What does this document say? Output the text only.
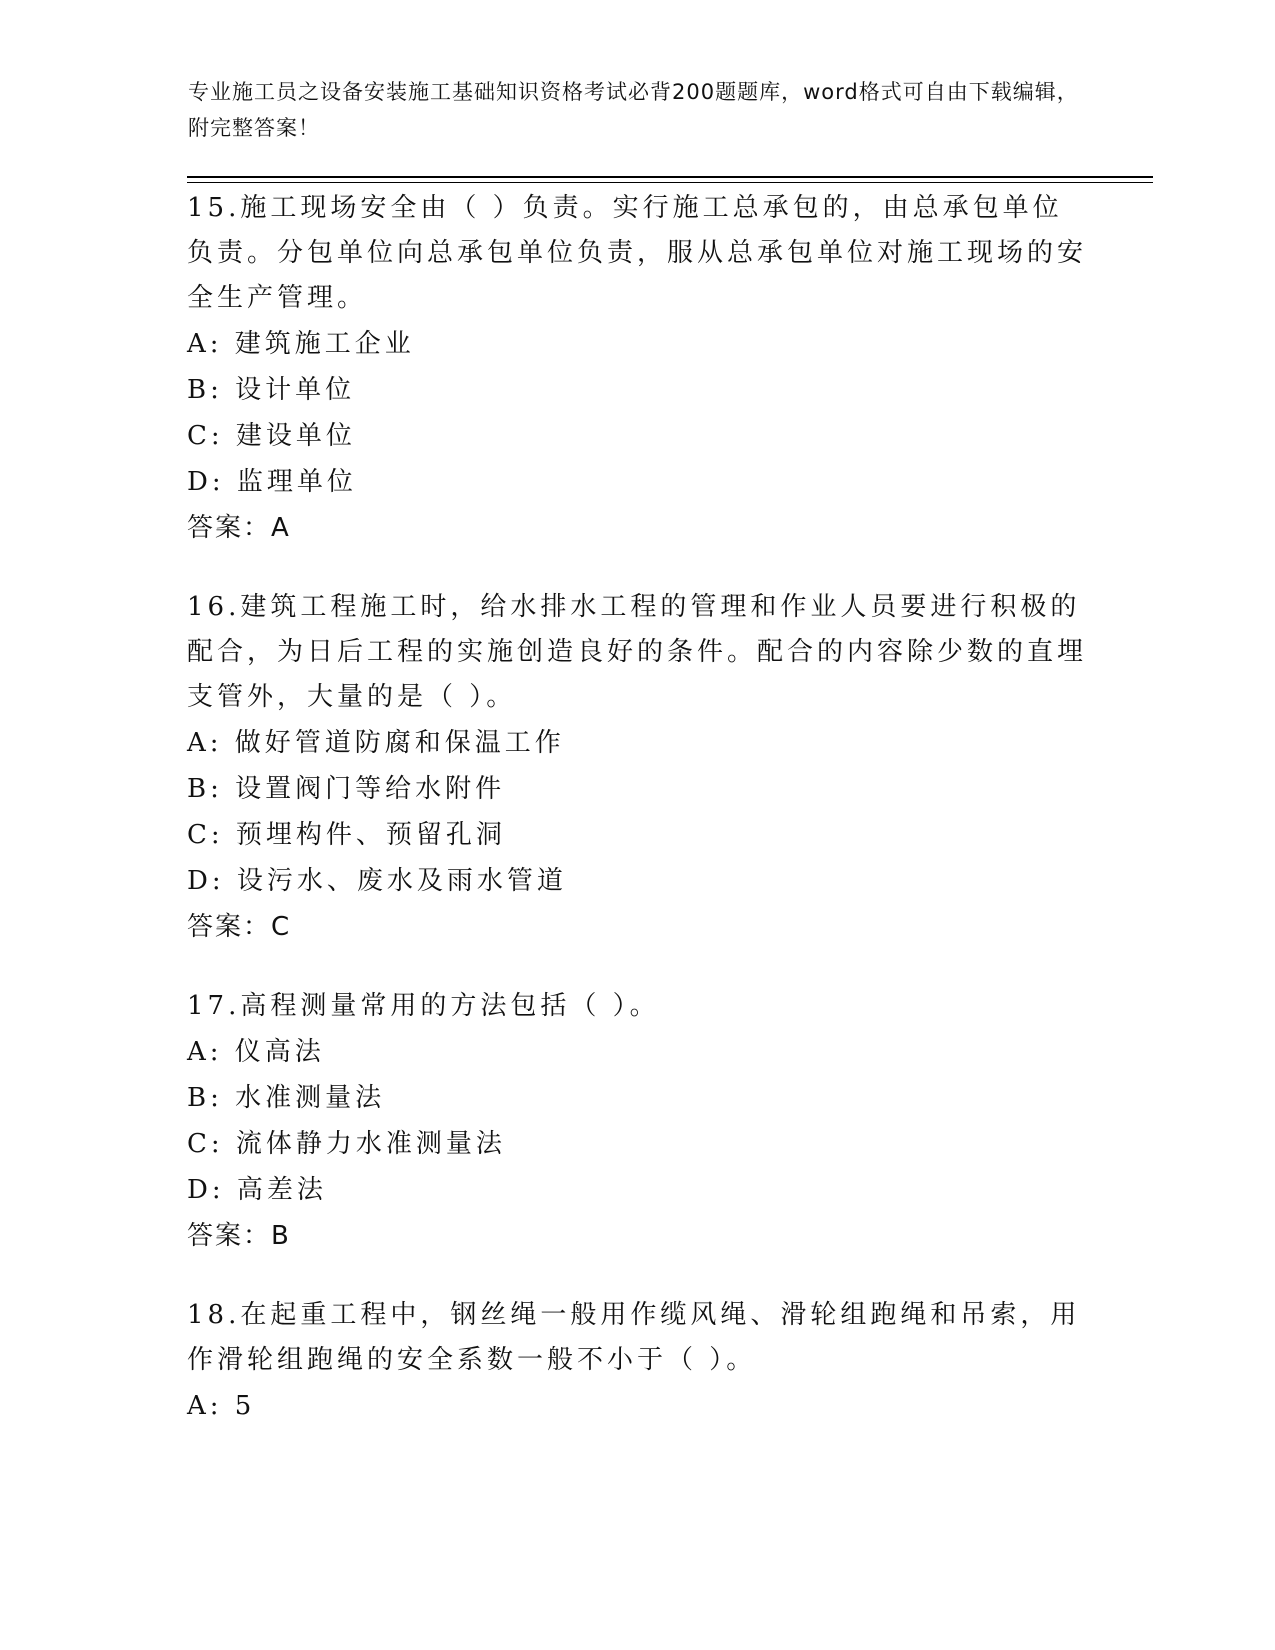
专业施工员之设备安装施工基础知识资格考试必背200题题库，word格式可自由下载编辑，附完整答案！

15.施工现场安全由（ ）负责。实行施工总承包的，由总承包单位负责。分包单位向总承包单位负责，服从总承包单位对施工现场的安全生产管理。

A: 建筑施工企业

B: 设计单位

C: 建设单位

D: 监理单位

答案：A

16.建筑工程施工时，给水排水工程的管理和作业人员要进行积极的配合，为日后工程的实施创造良好的条件。配合的内容除少数的直埋支管外，大量的是（ ）。

A: 做好管道防腐和保温工作

B: 设置阀门等给水附件

C: 预埋构件、预留孔洞

D: 设污水、废水及雨水管道

答案：C

17.高程测量常用的方法包括（ ）。

A: 仪高法

B: 水准测量法

C: 流体静力水准测量法

D: 高差法

答案：B

18.在起重工程中，钢丝绳一般用作缆风绳、滑轮组跑绳和吊索，用作滑轮组跑绳的安全系数一般不小于（ ）。

A: 5
